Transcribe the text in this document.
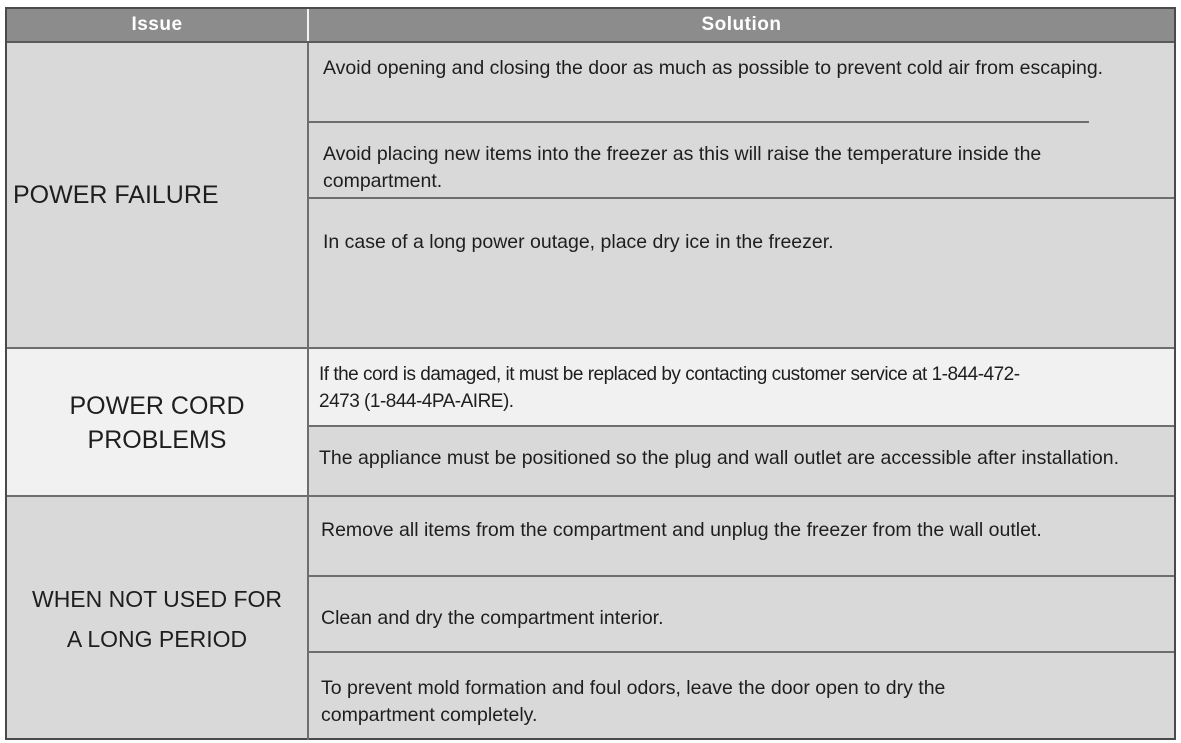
Issue	Solution
POWER FAILURE
Avoid opening and closing the door as much as possible to prevent cold air from escaping.
Avoid placing new items into the freezer as this will raise the temperature inside the compartment.
In case of a long power outage, place dry ice in the freezer.
POWER CORD PROBLEMS
If the cord is damaged, it must be replaced by contacting customer service at 1-844-472-2473 (1-844-4PA-AIRE).
The appliance must be positioned so the plug and wall outlet are accessible after installation.
WHEN NOT USED FOR A LONG PERIOD
Remove all items from the compartment and unplug the freezer from the wall outlet.
Clean and dry the compartment interior.
To prevent mold formation and foul odors, leave the door open to dry the compartment completely.
